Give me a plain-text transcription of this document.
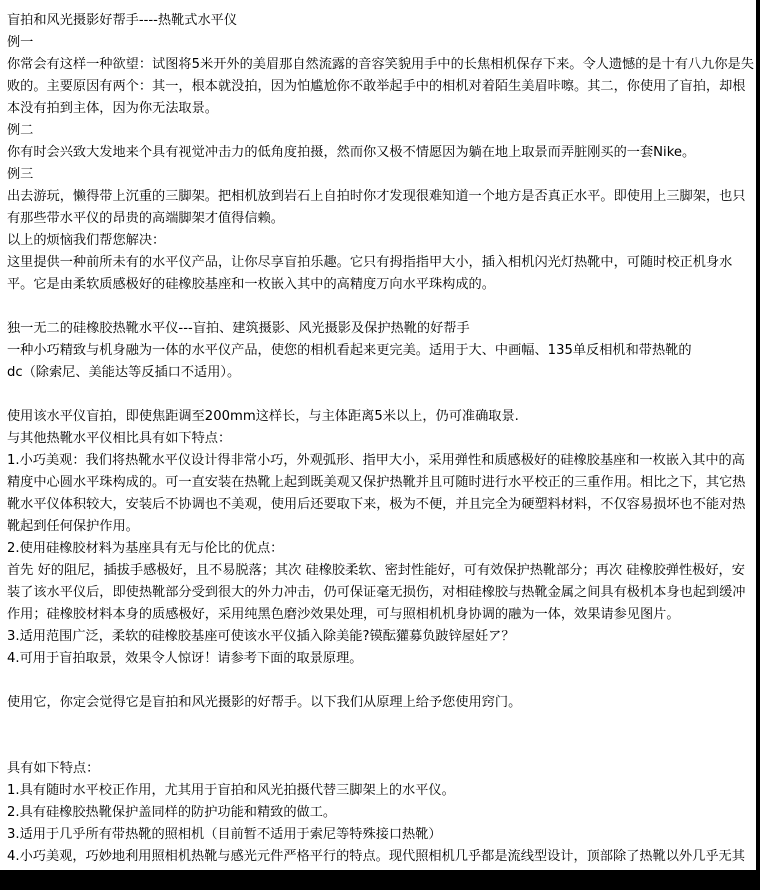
盲拍和风光摄影好帮手----热靴式水平仪
例一
你常会有这样一种欲望：试图将5米开外的美眉那自然流露的音容笑貌用手中的长焦相机保存下来。令人遗憾的是十有八九你是失败的。主要原因有两个：其一，根本就没拍，因为怕尴尬你不敢举起手中的相机对着陌生美眉咔嚓。其二，你使用了盲拍，却根本没有拍到主体，因为你无法取景。
例二
你有时会兴致大发地来个具有视觉冲击力的低角度拍摄，然而你又极不情愿因为躺在地上取景而弄脏刚买的一套Nike。
例三
出去游玩，懒得带上沉重的三脚架。把相机放到岩石上自拍时你才发现很难知道一个地方是否真正水平。即使用上三脚架，也只有那些带水平仪的昂贵的高端脚架才值得信赖。
以上的烦恼我们帮您解决：
这里提供一种前所未有的水平仪产品，让你尽享盲拍乐趣。它只有拇指指甲大小，插入相机闪光灯热靴中，可随时校正机身水平。它是由柔软质感极好的硅橡胶基座和一枚嵌入其中的高精度万向水平珠构成的。
独一无二的硅橡胶热靴水平仪---盲拍、建筑摄影、风光摄影及保护热靴的好帮手
一种小巧精致与机身融为一体的水平仪产品，使您的相机看起来更完美。适用于大、中画幅、135单反相机和带热靴的
dc（除索尼、美能达等反插口不适用）。
使用该水平仪盲拍，即使焦距调至200mm这样长，与主体距离5米以上，仍可准确取景.
与其他热靴水平仪相比具有如下特点：
1.小巧美观：我们将热靴水平仪设计得非常小巧，外观弧形、指甲大小，采用弹性和质感极好的硅橡胶基座和一枚嵌入其中的高精度中心圆水平珠构成的。可一直安装在热靴上起到既美观又保护热靴并且可随时进行水平校正的三重作用。相比之下，其它热靴水平仪体积较大，安装后不协调也不美观，使用后还要取下来，极为不便，并且完全为硬塑料材料，不仅容易损坏也不能对热靴起到任何保护作用。
2.使用硅橡胶材料为基座具有无与伦比的优点：
首先 好的阻尼，插拔手感极好，且不易脱落；其次 硅橡胶柔软、密封性能好，可有效保护热靴部分；再次 硅橡胶弹性极好，安装了该水平仪后，即使热靴部分受到很大的外力冲击，仍可保证毫无损伤，对相硅橡胶与热靴金属之间具有极机本身也起到缓冲作用；硅橡胶材料本身的质感极好，采用纯黑色磨沙效果处理，可与照相机机身协调的融为一体，效果请参见图片。
3.适用范围广泛，柔软的硅橡胶基座可使该水平仪插入除美能?镆酝獾募负跛锌屋妊ア？
4.可用于盲拍取景，效果令人惊讶！请参考下面的取景原理。
使用它，你定会觉得它是盲拍和风光摄影的好帮手。以下我们从原理上给予您使用窍门。
具有如下特点：
1.具有随时水平校正作用，尤其用于盲拍和风光拍摄代替三脚架上的水平仪。
2.具有硅橡胶热靴保护盖同样的防护功能和精致的做工。
3.适用于几乎所有带热靴的照相机（目前暂不适用于索尼等特殊接口热靴）
4.小巧美观，巧妙地利用照相机热靴与感光元件严格平行的特点。现代照相机几乎都是流线型设计，顶部除了热靴以外几乎无其他位置能与感光元件严格平行，即便有也无法方便的安装水平仪。而这种热靴式水平仪比外置闪光灯拆卸还要方便。
